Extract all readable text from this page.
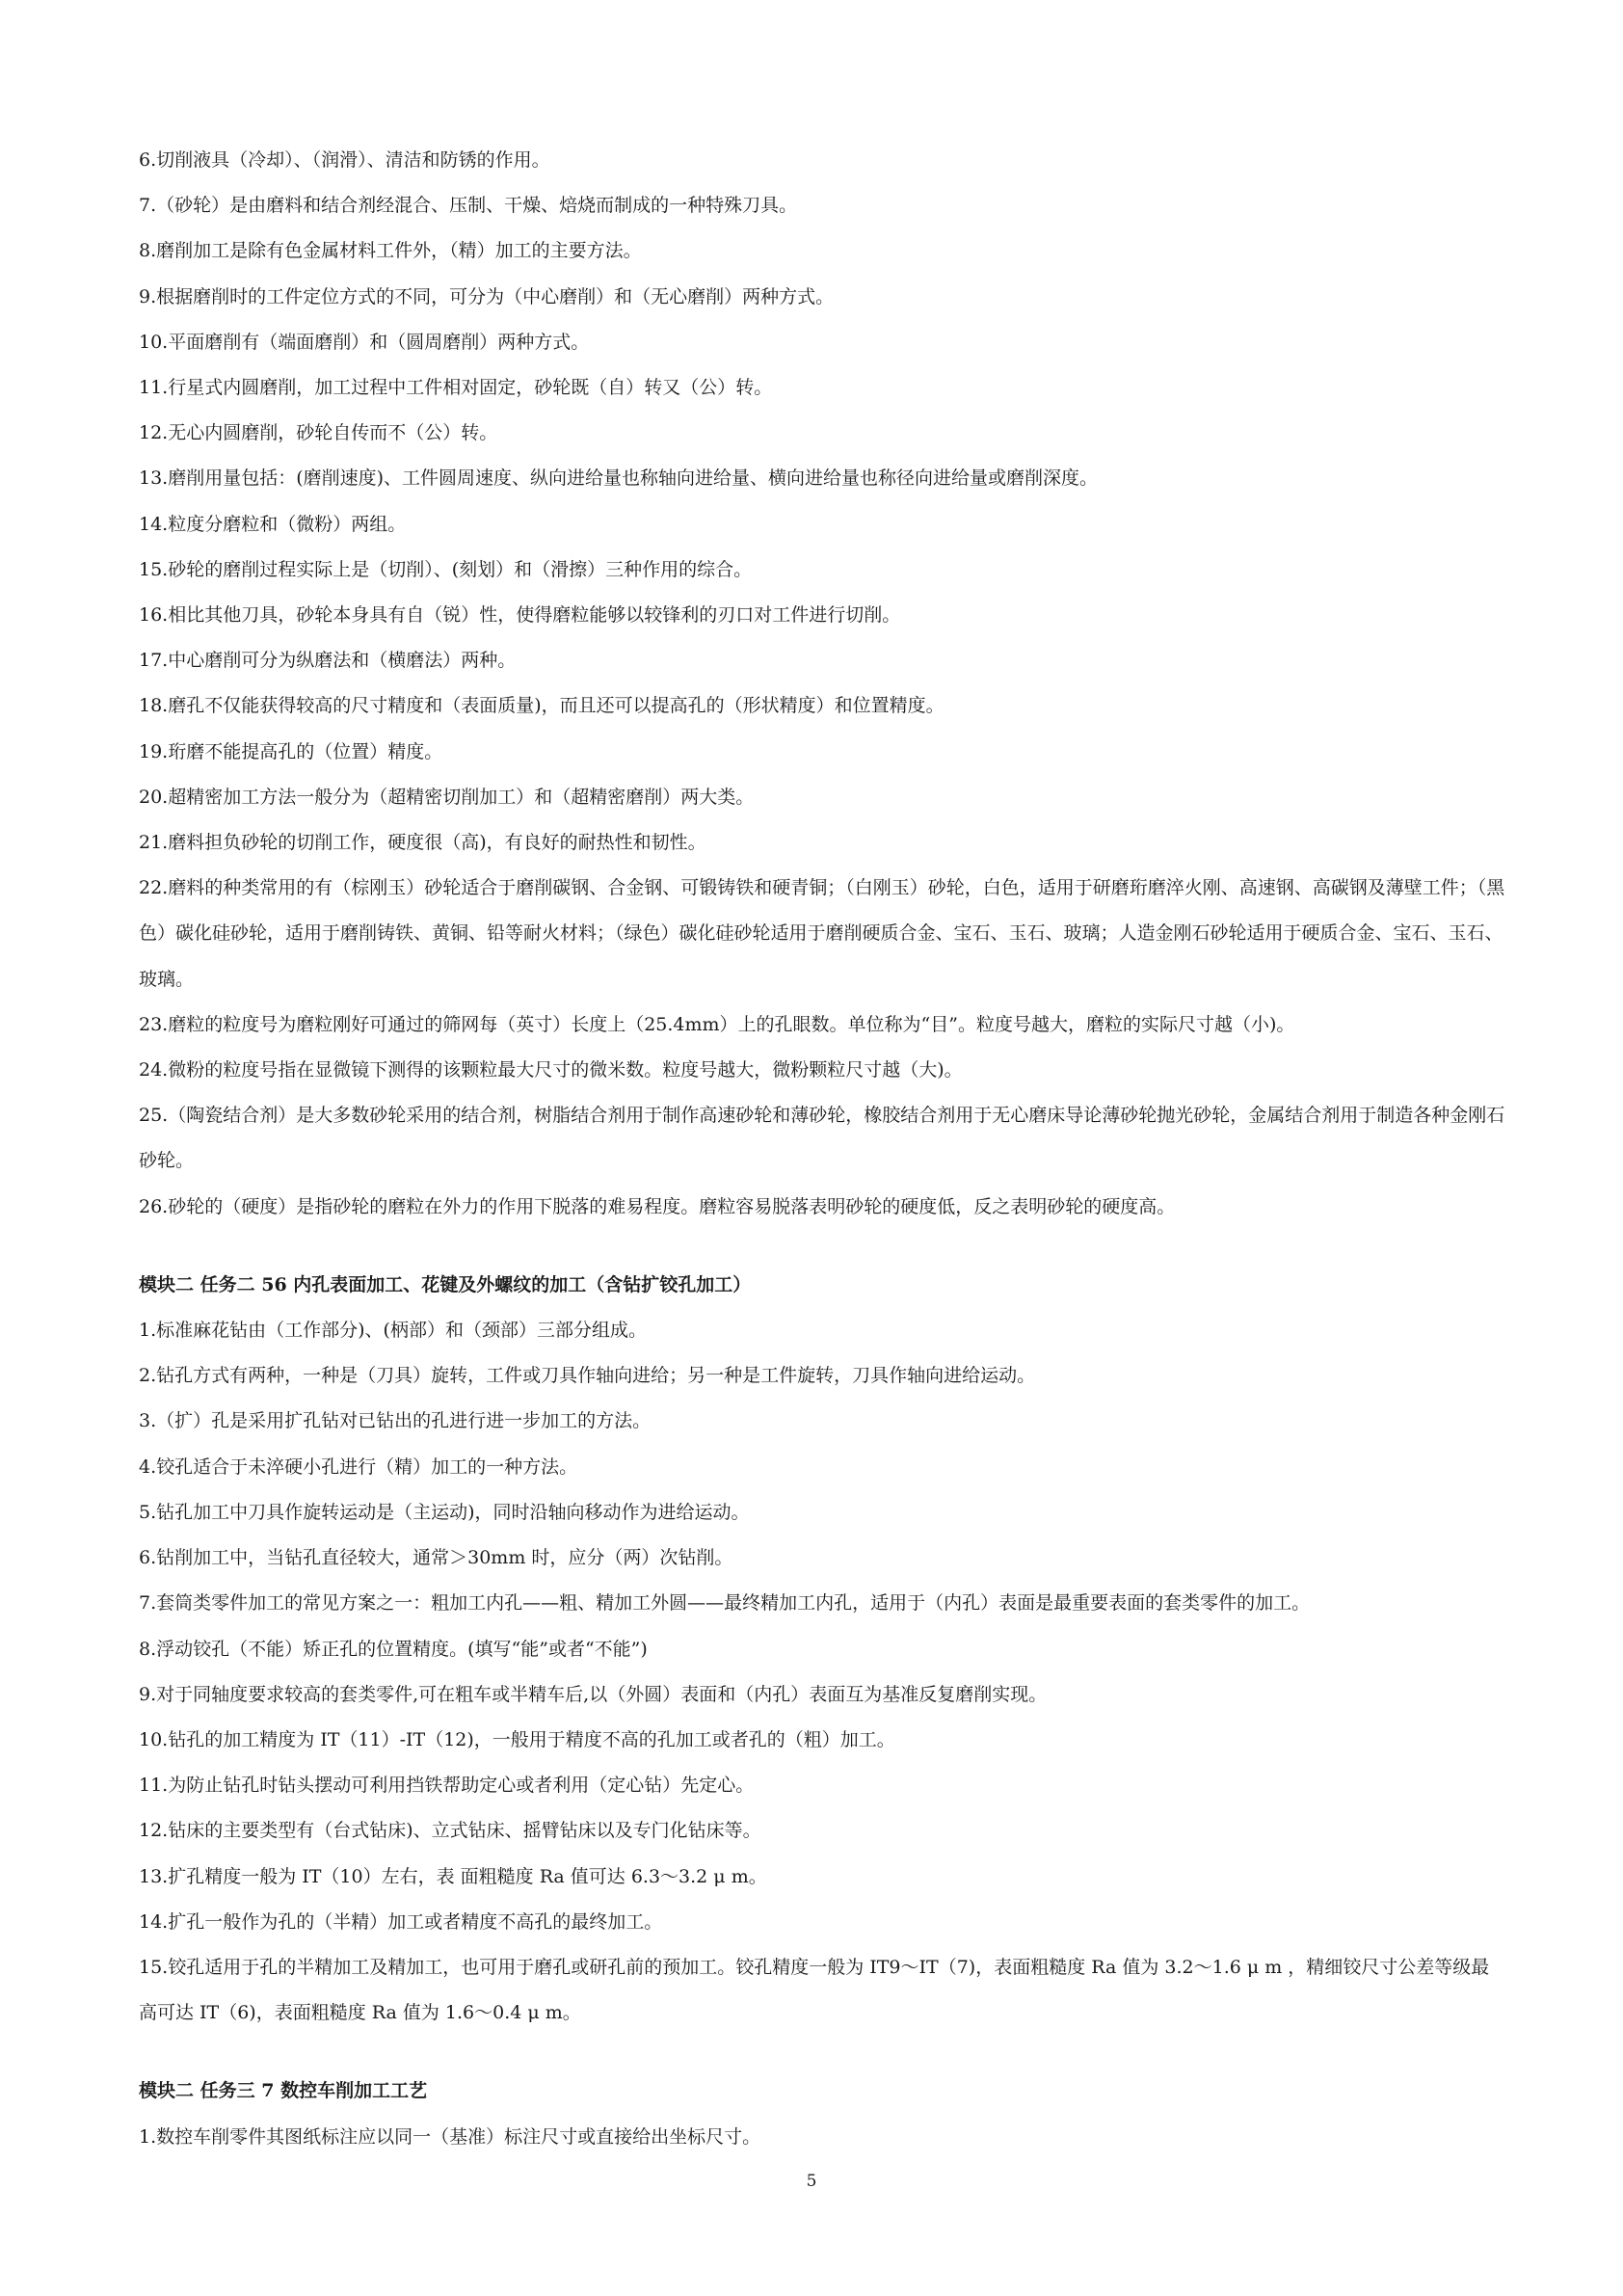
6.切削液具（冷却）、（润滑）、清洁和防锈的作用。

7.（砂轮）是由磨料和结合剂经混合、压制、干燥、焙烧而制成的一种特殊刀具。

8.磨削加工是除有色金属材料工件外，（精）加工的主要方法。

9.根据磨削时的工件定位方式的不同，可分为（中心磨削）和（无心磨削）两种方式。

10.平面磨削有（端面磨削）和（圆周磨削）两种方式。

11.行星式内圆磨削，加工过程中工件相对固定，砂轮既（自）转又（公）转。

12.无心内圆磨削，砂轮自传而不（公）转。

13.磨削用量包括：(磨削速度)、工件圆周速度、纵向进给量也称轴向进给量、横向进给量也称径向进给量或磨削深度。

14.粒度分磨粒和（微粉）两组。

15.砂轮的磨削过程实际上是（切削）、(刻划）和（滑擦）三种作用的综合。

16.相比其他刀具，砂轮本身具有自（锐）性，使得磨粒能够以较锋利的刃口对工件进行切削。

17.中心磨削可分为纵磨法和（横磨法）两种。

18.磨孔不仅能获得较高的尺寸精度和（表面质量)，而且还可以提高孔的（形状精度）和位置精度。

19.珩磨不能提高孔的（位置）精度。

20.超精密加工方法一般分为（超精密切削加工）和（超精密磨削）两大类。

21.磨料担负砂轮的切削工作，硬度很（高)，有良好的耐热性和韧性。

22.磨料的种类常用的有（棕刚玉）砂轮适合于磨削碳钢、合金钢、可锻铸铁和硬青铜；（白刚玉）砂轮，白色，适用于研磨珩磨淬火刚、高速钢、高碳钢及薄壁工件；（黑色）碳化硅砂轮，适用于磨削铸铁、黄铜、铅等耐火材料；（绿色）碳化硅砂轮适用于磨削硬质合金、宝石、玉石、玻璃；人造金刚石砂轮适用于硬质合金、宝石、玉石、玻璃。

23.磨粒的粒度号为磨粒刚好可通过的筛网每（英寸）长度上（25.4mm）上的孔眼数。单位称为“目”。粒度号越大，磨粒的实际尺寸越（小)。

24.微粉的粒度号指在显微镜下测得的该颗粒最大尺寸的微米数。粒度号越大，微粉颗粒尺寸越（大)。

25.（陶瓷结合剂）是大多数砂轮采用的结合剂，树脂结合剂用于制作高速砂轮和薄砂轮，橡胶结合剂用于无心磨床导论薄砂轮抛光砂轮，金属结合剂用于制造各种金刚石砂轮。

26.砂轮的（硬度）是指砂轮的磨粒在外力的作用下脱落的难易程度。磨粒容易脱落表明砂轮的硬度低，反之表明砂轮的硬度高。

模块二 任务二 56 内孔表面加工、花键及外螺纹的加工（含钻扩铰孔加工）

1.标准麻花钻由（工作部分)、(柄部）和（颈部）三部分组成。

2.钻孔方式有两种，一种是（刀具）旋转，工件或刀具作轴向进给；另一种是工件旋转，刀具作轴向进给运动。

3.（扩）孔是采用扩孔钻对已钻出的孔进行进一步加工的方法。

4.铰孔适合于未淬硬小孔进行（精）加工的一种方法。

5.钻孔加工中刀具作旋转运动是（主运动)，同时沿轴向移动作为进给运动。

6.钻削加工中，当钻孔直径较大，通常＞30mm 时，应分（两）次钻削。

7.套筒类零件加工的常见方案之一：粗加工内孔——粗、精加工外圆——最终精加工内孔，适用于（内孔）表面是最重要表面的套类零件的加工。

8.浮动铰孔（不能）矫正孔的位置精度。(填写“能”或者“不能”)

9.对于同轴度要求较高的套类零件,可在粗车或半精车后,以（外圆）表面和（内孔）表面互为基准反复磨削实现。

10.钻孔的加工精度为 IT（11）-IT（12)，一般用于精度不高的孔加工或者孔的（粗）加工。

11.为防止钻孔时钻头摆动可利用挡铁帮助定心或者利用（定心钻）先定心。

12.钻床的主要类型有（台式钻床)、立式钻床、摇臂钻床以及专门化钻床等。

13.扩孔精度一般为 IT（10）左右，表 面粗糙度 Ra 值可达 6.3～3.2 μ m。

14.扩孔一般作为孔的（半精）加工或者精度不高孔的最终加工。

15.铰孔适用于孔的半精加工及精加工，也可用于磨孔或研孔前的预加工。铰孔精度一般为 IT9～IT（7)，表面粗糙度 Ra 值为 3.2～1.6 μ m ，精细铰尺寸公差等级最高可达 IT（6)，表面粗糙度 Ra 值为 1.6～0.4 μ m。

模块二 任务三 7 数控车削加工工艺

1.数控车削零件其图纸标注应以同一（基准）标注尺寸或直接给出坐标尺寸。

5
